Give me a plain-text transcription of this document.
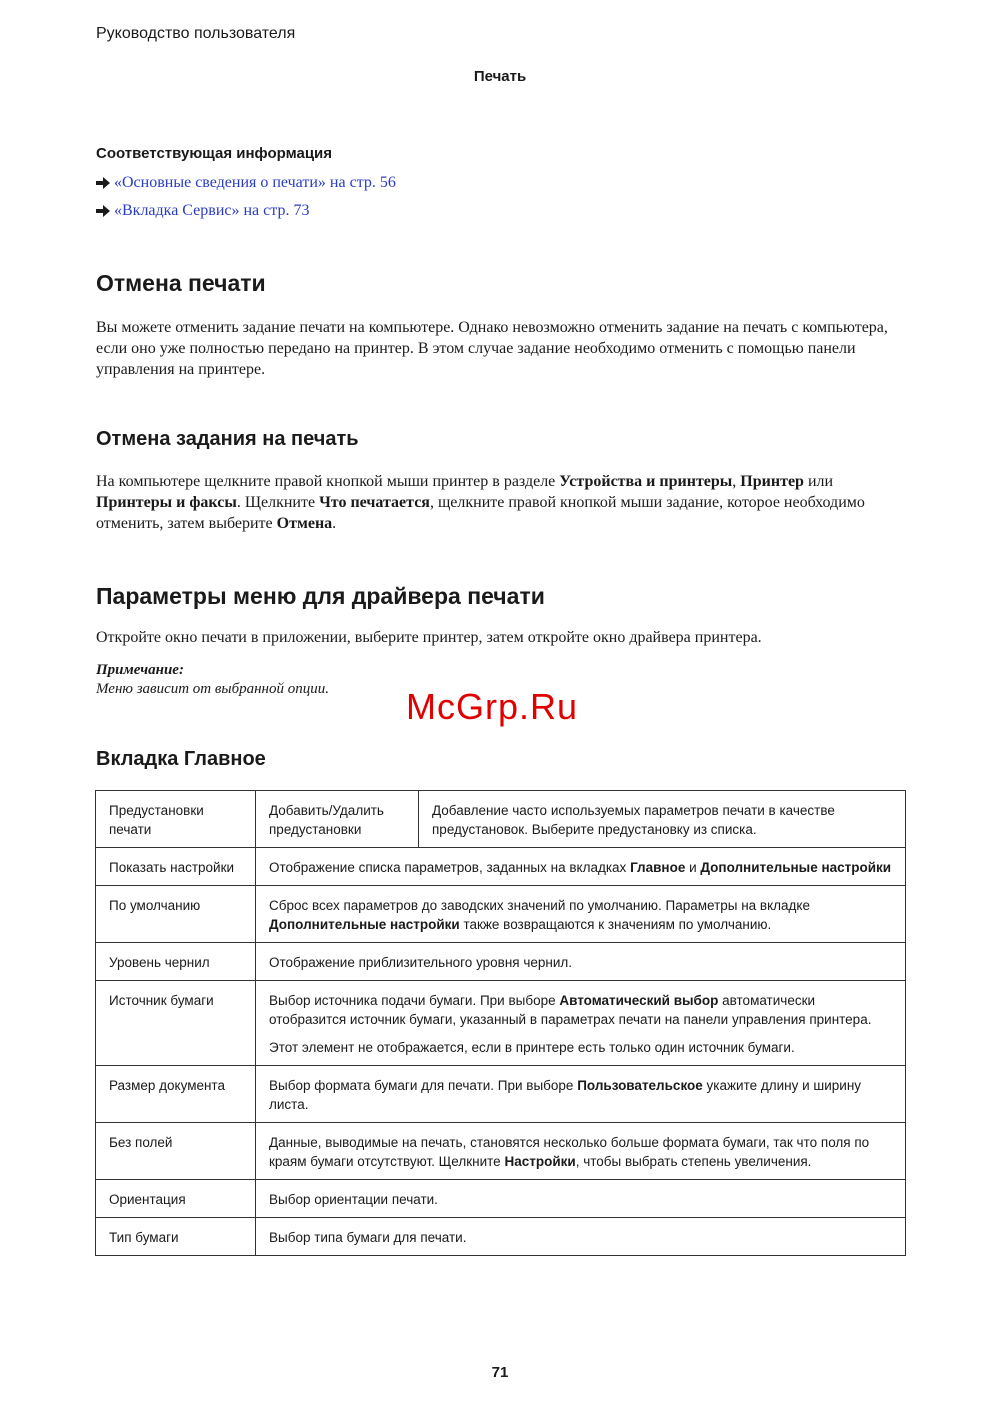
Руководство пользователя
Печать
Соответствующая информация
«Основные сведения о печати» на стр. 56
«Вкладка Сервис» на стр. 73
Отмена печати
Вы можете отменить задание печати на компьютере. Однако невозможно отменить задание на печать с компьютера, если оно уже полностью передано на принтер. В этом случае задание необходимо отменить с помощью панели управления на принтере.
Отмена задания на печать
На компьютере щелкните правой кнопкой мыши принтер в разделе Устройства и принтеры, Принтер или Принтеры и факсы. Щелкните Что печатается, щелкните правой кнопкой мыши задание, которое необходимо отменить, затем выберите Отмена.
Параметры меню для драйвера печати
Откройте окно печати в приложении, выберите принтер, затем откройте окно драйвера принтера.
Примечание:
Меню зависит от выбранной опции. McGrp.Ru
Вкладка Главное
Предустановки печати	Добавить/Удалить предустановки	Добавление часто используемых параметров печати в качестве предустановок. Выберите предустановку из списка.
Показать настройки	Отображение списка параметров, заданных на вкладках Главное и Дополнительные настройки	
По умолчанию	Сброс всех параметров до заводских значений по умолчанию. Параметры на вкладке Дополнительные настройки также возвращаются к значениям по умолчанию.	
Уровень чернил	Отображение приблизительного уровня чернил.	
Источник бумаги	Выбор источника подачи бумаги. При выборе Автоматический выбор автоматически отобразится источник бумаги, указанный в параметрах печати на панели управления принтера.
Этот элемент не отображается, если в принтере есть только один источник бумаги.	

Размер документа	Выбор формата бумаги для печати. При выборе Пользовательское укажите длину и ширину листа.	
Без полей	Данные, выводимые на печать, становятся несколько больше формата бумаги, так что поля по краям бумаги отсутствуют. Щелкните Настройки, чтобы выбрать степень увеличения.	
Ориентация	Выбор ориентации печати.	
Тип бумаги	Выбор типа бумаги для печати.	
71
